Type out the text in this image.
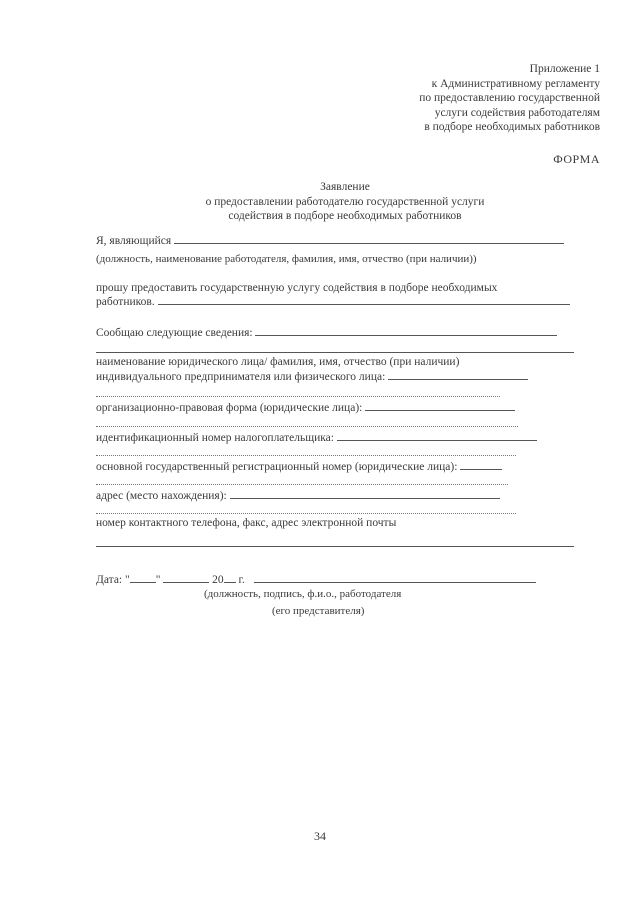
Приложение 1
к Административному регламенту
по предоставлению государственной
услуги содействия работодателям
в подборе необходимых работников
ФОРМА
Заявление
о предоставлении работодателю государственной услуги
содействия в подборе необходимых работников
Я, являющийся
(должность, наименование работодателя, фамилия, имя, отчество (при наличии))
прошу предоставить государственную услугу содействия в подборе необходимых
работников.
Сообщаю следующие сведения:
наименование юридического лица/ фамилия, имя, отчество (при наличии)
индивидуального предпринимателя или физического лица:
организационно-правовая форма (юридические лица):
идентификационный номер налогоплательщика:
основной государственный регистрационный номер (юридические лица):
адрес (место нахождения):
номер контактного телефона, факс, адрес электронной почты
Дата: " "	20 г.
(должность, подпись, ф.и.о., работодателя
(его представителя)
34
